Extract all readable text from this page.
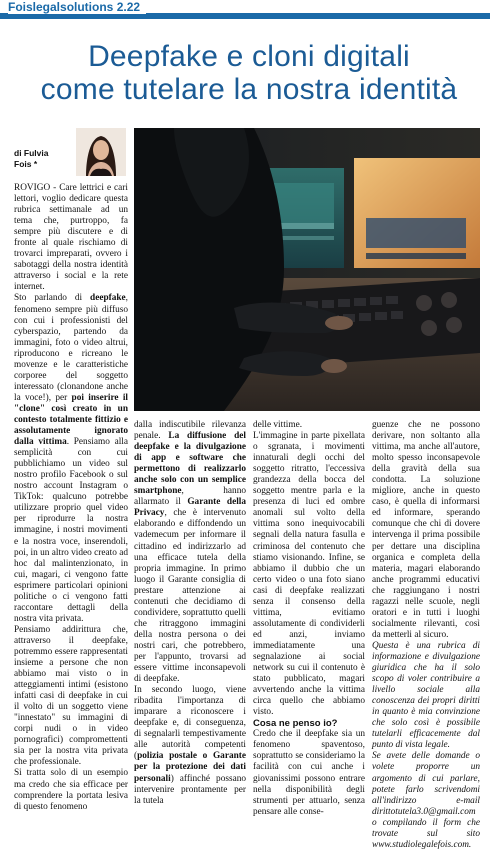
Foislegalsolutions 2.22
Deepfake e cloni digitali
come tutelare la nostra identità
di Fulvia
Fois *

ROVIGO - Care lettrici e cari lettori, voglio dedicare questa rubrica settimanale ad un tema che, purtroppo, fa sempre più discutere e di fronte al quale rischiamo di trovarci impreparati, ovvero i sabotaggi della nostra identità attraverso i social e la rete internet.

Sto parlando di deepfake, fenomeno sempre più diffuso con cui i professionisti del cyberspazio, partendo da immagini, foto o video altrui, riproducono e ricreano le movenze e le caratteristiche corporee del soggetto interessato (clonandone anche la voce!), per poi inserire il "clone" così creato in un contesto totalmente fittizio e assolutamente ignorato dalla vittima. Pensiamo alla semplicità con cui pubblichiamo un video sul nostro profilo Facebook o sul nostro account Instagram o TikTok: qualcuno potrebbe utilizzare proprio quel video per riprodurre la nostra immagine, i nostri movimenti e la nostra voce, inserendoli, poi, in un altro video creato ad hoc dal malintenzionato, in cui, magari, ci vengono fatte esprimere particolari opinioni politiche o ci vengono fatti raccontare dettagli della nostra vita privata.

Pensiamo addirittura che, attraverso il deepfake, potremmo essere rappresentati insieme a persone che non abbiamo mai visto o in atteggiamenti intimi (esistono infatti casi di deepfake in cui il volto di un soggetto viene "innestato" su immagini di corpi nudi o in video pornografici) compromettenti sia per la nostra vita privata che professionale.

Si tratta solo di un esempio ma credo che sia efficace per comprendere la portata lesiva di questo fenomeno

dalla indiscutibile rilevanza penale. La diffusione del deepfake e la divulgazione di app e software che permettono di realizzarlo anche solo con un semplice smartphone, hanno allarmato il Garante della Privacy, che è intervenuto elaborando e diffondendo un vademecum per informare il cittadino ed indirizzarlo ad una efficace tutela della propria immagine. In primo luogo il Garante consiglia di prestare attenzione ai contenuti che decidiamo di condividere, soprattutto quelli che ritraggono immagini della nostra persona o dei nostri cari, che potrebbero, per l'appunto, trovarsi ad essere vittime inconsapevoli di deepfake.

In secondo luogo, viene ribadita l'importanza di imparare a riconoscere i deepfake e, di conseguenza, di segnalarli tempestivamente alle autorità competenti (polizia postale o Garante per la protezione dei dati personali) affinché possano intervenire prontamente per la tutela

delle vittime.

L'immagine in parte pixellata o sgranata, i movimenti innaturali degli occhi del soggetto ritratto, l'eccessiva grandezza della bocca del soggetto mentre parla e la presenza di luci ed ombre anomali sul volto della vittima sono inequivocabili segnali della natura fasulla e criminosa del contenuto che stiamo visionando. Infine, se abbiamo il dubbio che un certo video o una foto siano casi di deepfake realizzati senza il consenso della vittima, evitiamo assolutamente di condividerli ed anzi, inviamo immediatamente una segnalazione ai social network su cui il contenuto è stato pubblicato, magari avvertendo anche la vittima circa quello che abbiamo visto.

Cosa ne penso io?

Credo che il deepfake sia un fenomeno spaventoso, soprattutto se consideriamo la facilità con cui anche i giovanissimi possono entrare nella disponibilità degli strumenti per attuarlo, senza pensare alle conse-

guenze che ne possono derivare, non soltanto alla vittima, ma anche all'autore, molto spesso inconsapevole della gravità della sua condotta. La soluzione migliore, anche in questo caso, è quella di informarsi ed informare, sperando comunque che chi di dovere intervenga il prima possibile per dettare una disciplina organica e completa della materia, magari elaborando anche programmi educativi che raggiungano i nostri ragazzi nelle scuole, negli oratori e in tutti i luoghi socialmente rilevanti, così da metterli al sicuro.

Questa è una rubrica di informazione e divulgazione giuridica che ha il solo scopo di voler contribuire a livello sociale alla conoscenza dei propri diritti in quanto è mia convinzione che solo così è possibile tutelarli efficacemente dal punto di vista legale.

Se avete delle domande o volete proporre un argomento di cui parlare, potete farlo scrivendomi all'indirizzo e-mail dirittotutela3.0@gmail.com o compilando il form che trovate sul sito www.studiolegalefois.com.
